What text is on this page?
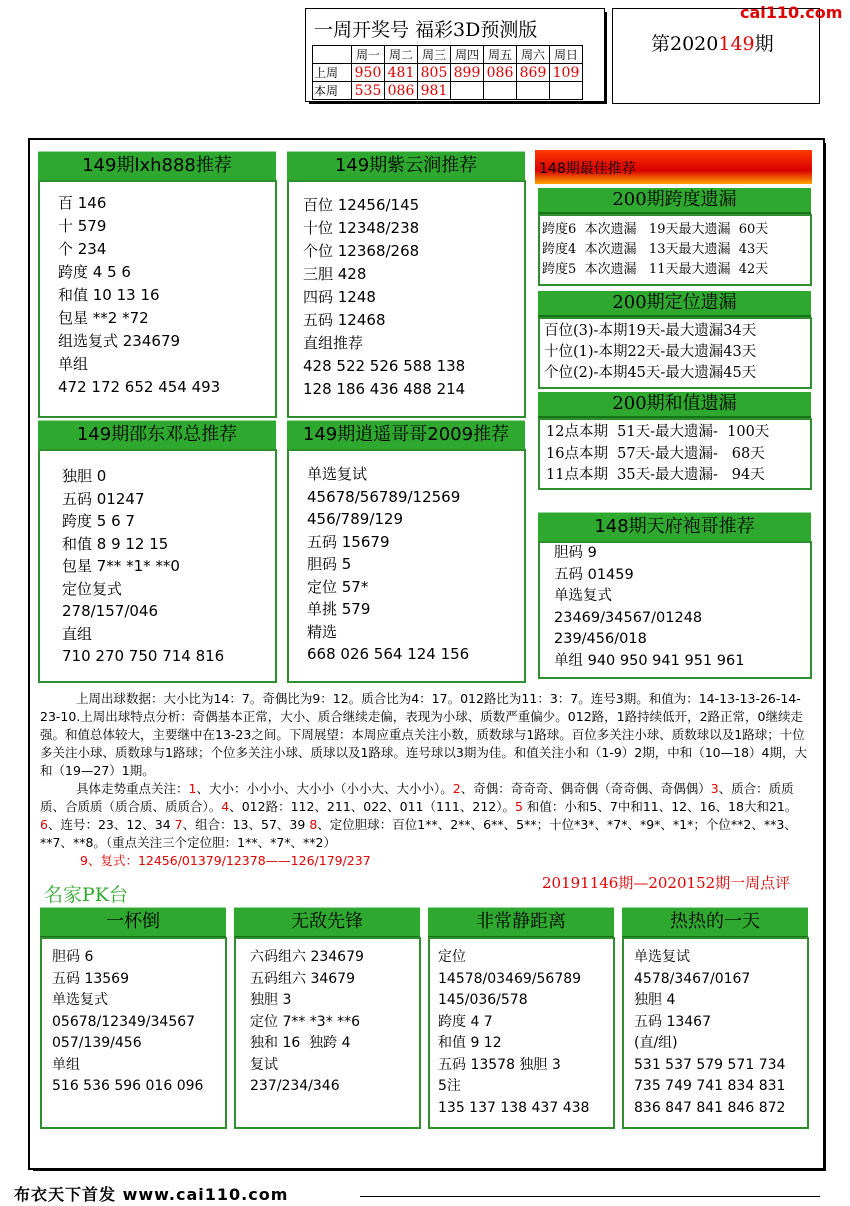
一周开奖号 福彩3D预测版
	周一	周二	周三	周四	周五	周六	周日
上周	950	481	805	899	086	869	109
本周	535	086	981				
第2020149期
cai110.com
149期lxh888推荐
百 146
十 579
个 234
跨度 4 5 6
和值 10 13 16
包星 **2 *72
组选复式 234679
单组
472 172 652 454 493
149期紫云涧推荐
百位 12456/145
十位 12348/238
个位 12368/268
三胆 428
四码 1248
五码 12468
直组推荐
428 522 526 588 138
128 186 436 488 214
149期邵东邓总推荐
独胆 0
五码 01247
跨度 5 6 7
和值 8 9 12 15
包星 7** *1* **0
定位复式
278/157/046
直组
710 270 750 714 816
149期逍遥哥哥2009推荐
单选复试
45678/56789/12569
456/789/129
五码 15679
胆码 5
定位 57*
单挑 579
精选
668 026 564 124 156
148期最佳推荐
200期跨度遗漏
跨度6  本次遗漏   19天最大遗漏  60天
跨度4  本次遗漏   13天最大遗漏  43天
跨度5  本次遗漏   11天最大遗漏  42天
200期定位遗漏
百位(3)-本期19天-最大遗漏34天
十位(1)-本期22天-最大遗漏43天
个位(2)-本期45天-最大遗漏45天
200期和值遗漏
12点本期  51天-最大遗漏-  100天
16点本期  57天-最大遗漏-   68天
11点本期  35天-最大遗漏-   94天
148期天府袍哥推荐
胆码 9
五码 01459
单选复式
23469/34567/01248
239/456/018
单组 940 950 941 951 961
上周出球数据：大小比为14：7。奇偶比为9：12。质合比为4：17。012路比为11：3：7。连号3期。和值为：14-13-13-26-14-23-10.上周出球特点分析：奇偶基本正常，大小、质合继续走偏，表现为小球、质数严重偏少。012路，1路持续低开，2路正常，0继续走强。和值总体较大，主要继中在13-23之间。下周展望：本周应重点关注小数，质数球与1路球。百位多关注小球、质数球以及1路球；十位多关注小球、质数球与1路球；个位多关注小球、质球以及1路球。连号球以3期为佳。和值关注小和（1-9）2期，中和（10—18）4期，大和（19—27）1期。
具体走势重点关注：1、大小：小小小、大小小（小小大、大小小）。2、奇偶：奇奇奇、偶奇偶（奇奇偶、奇偶偶）3、质合：质质质、合质质（质合质、质质合）。4、012路：112、211、022、011（111、212）。5 和值：小和5、7中和11、12、16、18大和21。6、连号：23、12、34 7、组合：13、57、39 8、定位胆球：百位1**、2**、6**、5**；十位*3*、*7*、*9*、*1*；个位**2、**3、**7、**8。（重点关注三个定位胆：1**、*7*、**2）
9、复式：12456/01379/12378——126/179/237
名家PK台
20191146期—2020152期一周点评
一杯倒
胆码 6
五码 13569
单选复式
05678/12349/34567
057/139/456
单组
516 536 596 016 096
无敌先锋
六码组六 234679
五码组六 34679
独胆 3
定位 7** *3* **6
独和 16  独跨 4
复试
237/234/346
非常静距离
定位
14578/03469/56789
145/036/578
跨度 4 7
和值 9 12
五码 13578 独胆 3
5注
135 137 138 437 438
热热的一天
单选复试
4578/3467/0167
独胆 4
五码 13467
(直/组)
531 537 579 571 734
735 749 741 834 831
836 847 841 846 872
布衣天下首发 www.cai110.com
